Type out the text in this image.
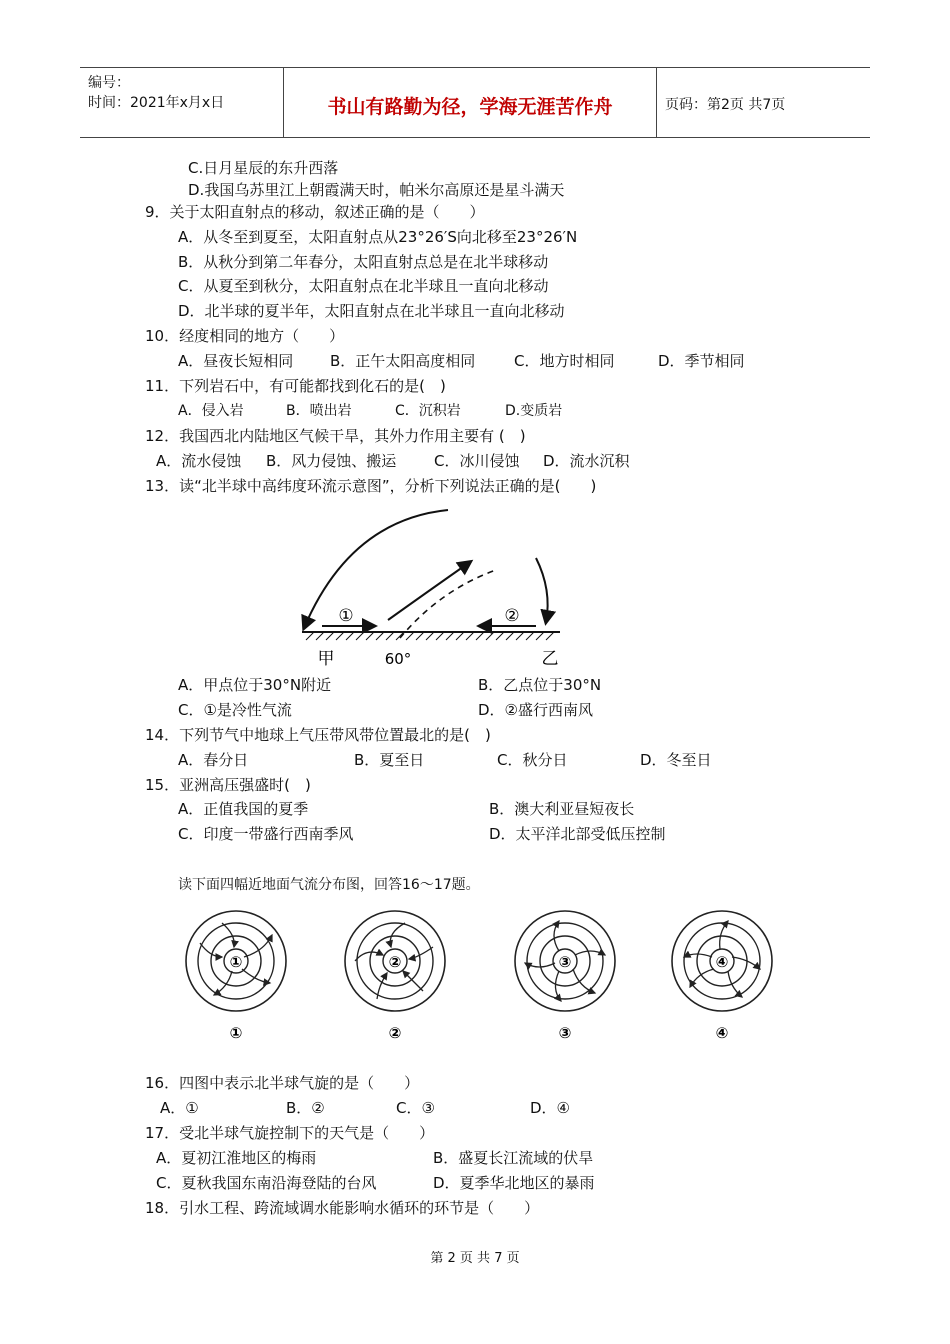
编号：
时间：2021年x月x日	书山有路勤为径，学海无涯苦作舟	页码：第2页 共7页
C.日月星辰的东升西落
D.我国乌苏里江上朝霞满天时，帕米尔高原还是星斗满天
9．关于太阳直射点的移动，叙述正确的是（　　）
A．从冬至到夏至，太阳直射点从23°26′S向北移至23°26′N
B．从秋分到第二年春分，太阳直射点总是在北半球移动
C．从夏至到秋分，太阳直射点在北半球且一直向北移动
D．北半球的夏半年，太阳直射点在北半球且一直向北移动
10．经度相同的地方（　　）
A．昼夜长短相同 B．正午太阳高度相同	C．地方时相同	D．季节相同
11．下列岩石中，有可能都找到化石的是(　)
A．侵入岩	B．喷出岩	C．沉积岩	D.变质岩
12．我国西北内陆地区气候干旱，其外力作用主要有 (　)
A．流水侵蚀 B．风力侵蚀、搬运	C．冰川侵蚀 D．流水沉积
13．读“北半球中高纬度环流示意图”，分析下列说法正确的是(　　)
①	②
甲	60°	乙
A．甲点位于30°N附近	B．乙点位于30°N
C．①是冷性气流	D．②盛行西南风
14．下列节气中地球上气压带风带位置最北的是(　)
A．春分日	B．夏至日	C．秋分日	D．冬至日
15．亚洲高压强盛时(　)
A．正值我国的夏季	B．澳大利亚昼短夜长
C．印度一带盛行西南季风	D．太平洋北部受低压控制
读下面四幅近地面气流分布图，回答16～17题。
①	②	③	④
①	②	③	④
16．四图中表示北半球气旋的是（　　）
A．①	B．②	C．③	D．④
17．受北半球气旋控制下的天气是（　　）
A．夏初江淮地区的梅雨	B．盛夏长江流域的伏旱
C．夏秋我国东南沿海登陆的台风	D．夏季华北地区的暴雨
18．引水工程、跨流域调水能影响水循环的环节是（　　）
第 2 页 共 7 页
